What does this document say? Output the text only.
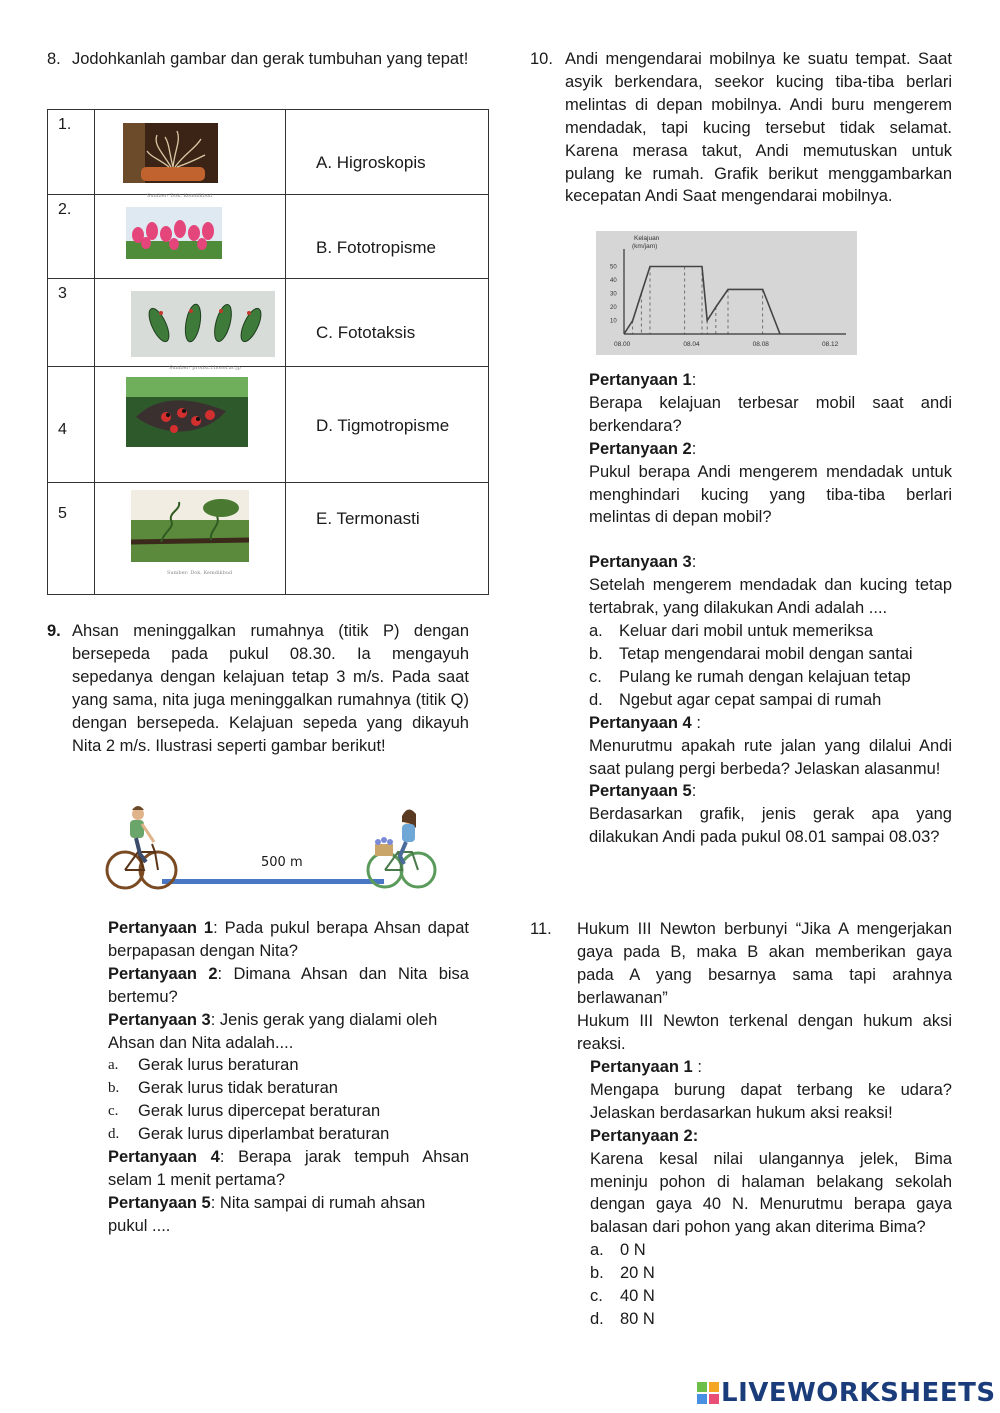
8. Jodohkanlah gambar dan gerak tumbuhan yang tepat!

1.	Sumber: Dok. Kemdikbud	A. Higroskopis

2.		B. Fototropisme

3	Sumber: protist.i.hosei.ac.jp	C. Fototaksis

4		D. Tigmotropisme

5	Sumber: Dok. Kemdikbud	E. Termonasti
9. Ahsan meninggalkan rumahnya (titik P) dengan bersepeda pada pukul 08.30. Ia mengayuh sepedanya dengan kelajuan tetap 3 m/s. Pada saat yang sama, nita juga meninggalkan rumahnya (titik Q) dengan bersepeda. Kelajuan sepeda yang dikayuh Nita 2 m/s. Ilustrasi seperti gambar berikut!

500 m

Pertanyaan 1: Pada pukul berapa Ahsan dapat berpapasan dengan Nita?

Pertanyaan 2: Dimana Ahsan dan Nita bisa bertemu?

Pertanyaan 3: Jenis gerak yang dialami oleh Ahsan dan Nita adalah....

a. Gerak lurus beraturan
b. Gerak lurus tidak beraturan
c. Gerak lurus dipercepat beraturan
d. Gerak lurus diperlambat beraturan

Pertanyaan 4: Berapa jarak tempuh Ahsan selam 1 menit pertama?

Pertanyaan 5: Nita sampai di rumah ahsan pukul ....

10. Andi mengendarai mobilnya ke suatu tempat. Saat asyik berkendara, seekor kucing tiba-tiba berlari melintas di depan mobilnya. Andi buru mengerem mendadak, tapi kucing tersebut tidak selamat. Karena merasa takut, Andi memutuskan untuk pulang ke rumah. Grafik berikut menggambarkan kecepatan Andi Saat mengendarai mobilnya.

Kelajuan
(km/jam)
10
20
30
40
50
08.00	08.04	08.08	08.12

Pertanyaan 1:

Berapa kelajuan terbesar mobil saat andi berkendara?

Pertanyaan 2:

Pukul berapa Andi mengerem mendadak untuk menghindari kucing yang tiba-tiba berlari melintas di depan mobil?

Pertanyaan 3:

Setelah mengerem mendadak dan kucing tetap tertabrak, yang dilakukan Andi adalah ....

a. Keluar dari mobil untuk memeriksa
b. Tetap mengendarai mobil dengan santai
c. Pulang ke rumah dengan kelajuan tetap
d. Ngebut agar cepat sampai di rumah

Pertanyaan 4 :

Menurutmu apakah rute jalan yang dilalui Andi saat pulang pergi berbeda? Jelaskan alasanmu!

Pertanyaan 5:

Berdasarkan grafik, jenis gerak apa yang dilakukan Andi pada pukul 08.01 sampai 08.03?

11. Hukum III Newton berbunyi “Jika A mengerjakan gaya pada B, maka B akan memberikan gaya pada A yang besarnya sama tapi arahnya berlawanan”

Hukum III Newton terkenal dengan hukum aksi reaksi.

Pertanyaan 1 :

Mengapa burung dapat terbang ke udara? Jelaskan berdasarkan hukum aksi reaksi!

Pertanyaan 2:

Karena kesal nilai ulangannya jelek, Bima meninju pohon di halaman belakang sekolah dengan gaya 40 N. Menurutmu berapa gaya balasan dari pohon yang akan diterima Bima?

a. 0 N
b. 20 N
c. 40 N
d. 80 N
LIVEWORKSHEETS
